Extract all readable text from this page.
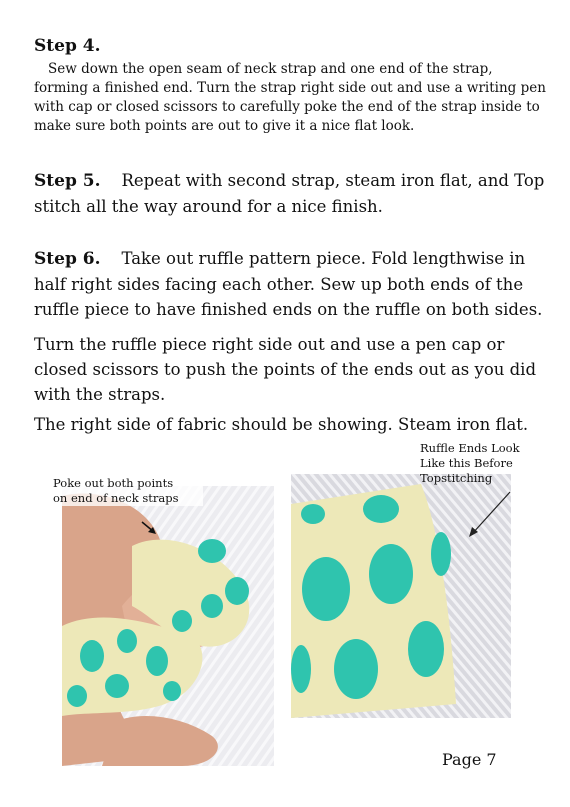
Step 4.
Sew down the open seam of neck strap and one end of the strap, forming a finished end. Turn the strap right side out and use a writing pen with cap or closed scissors to carefully poke the end of the strap inside to make sure both points are out to give it a nice flat look.
Step 5. Repeat with second strap, steam iron flat, and Top stitch all the way around for a nice finish.
Step 6. Take out ruffle pattern piece. Fold lengthwise in half right sides facing each other. Sew up both ends of the ruffle piece to have finished ends on the ruffle on both sides.
Turn the ruffle piece right side out and use a pen cap or closed scissors to push the points of the ends out as you did with the straps.
The right side of fabric should be showing. Steam iron flat.
Poke out both points
on end of neck straps
Ruffle Ends Look
Like this Before
Topstitching
Page 7
